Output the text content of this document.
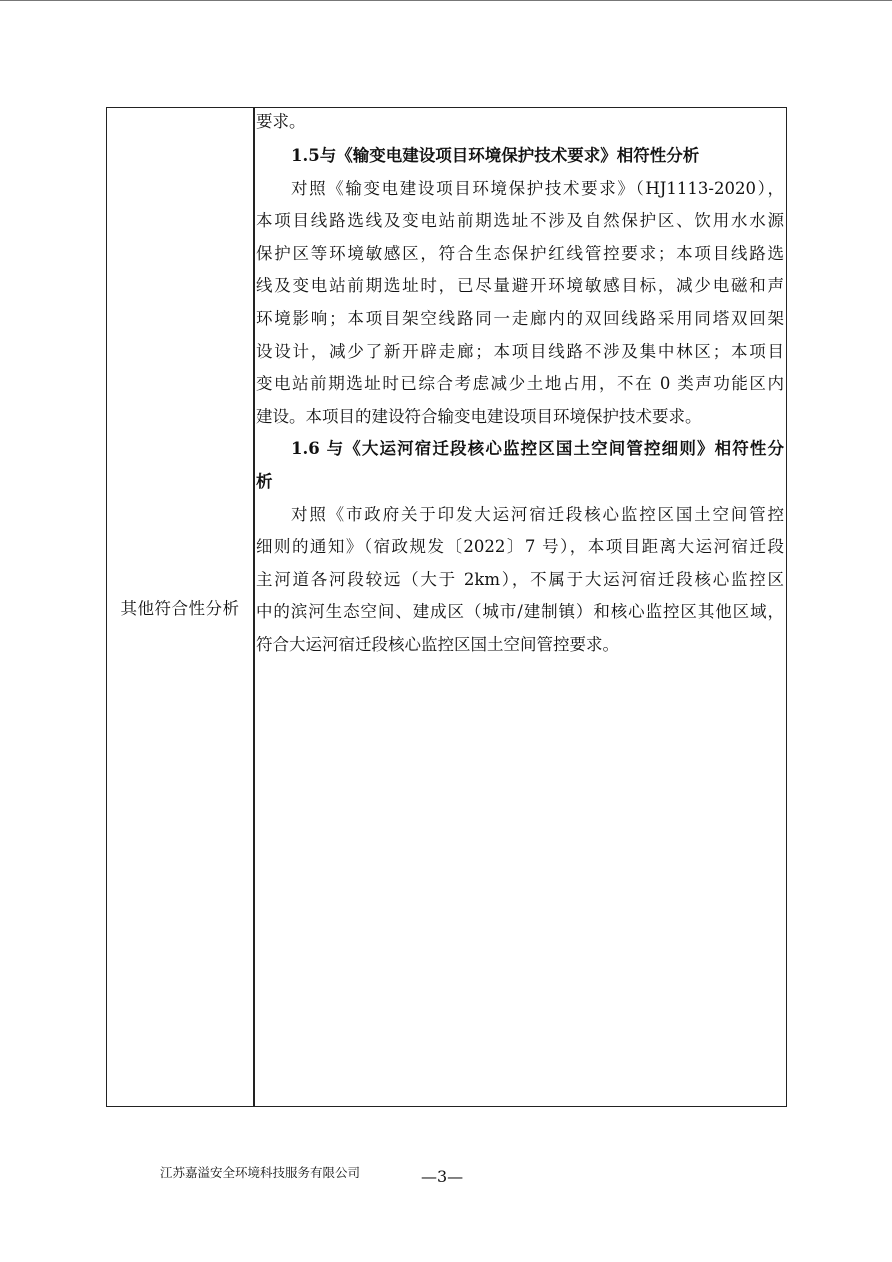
其他符合性分析
要求。
1.5与《输变电建设项目环境保护技术要求》相符性分析
对照《输变电建设项目环境保护技术要求》（HJ1113-2020），
本项目线路选线及变电站前期选址不涉及自然保护区、饮用水水源
保护区等环境敏感区，符合生态保护红线管控要求；本项目线路选
线及变电站前期选址时，已尽量避开环境敏感目标，减少电磁和声
环境影响；本项目架空线路同一走廊内的双回线路采用同塔双回架
设设计，减少了新开辟走廊；本项目线路不涉及集中林区；本项目
变电站前期选址时已综合考虑减少土地占用，不在 0 类声功能区内
建设。本项目的建设符合输变电建设项目环境保护技术要求。
1.6 与《大运河宿迁段核心监控区国土空间管控细则》相符性分
析
对照《市政府关于印发大运河宿迁段核心监控区国土空间管控
细则的通知》（宿政规发〔2022〕7 号），本项目距离大运河宿迁段
主河道各河段较远（大于 2km），不属于大运河宿迁段核心监控区
中的滨河生态空间、建成区（城市/建制镇）和核心监控区其他区域，
符合大运河宿迁段核心监控区国土空间管控要求。
江苏嘉溢安全环境科技服务有限公司	—3—
